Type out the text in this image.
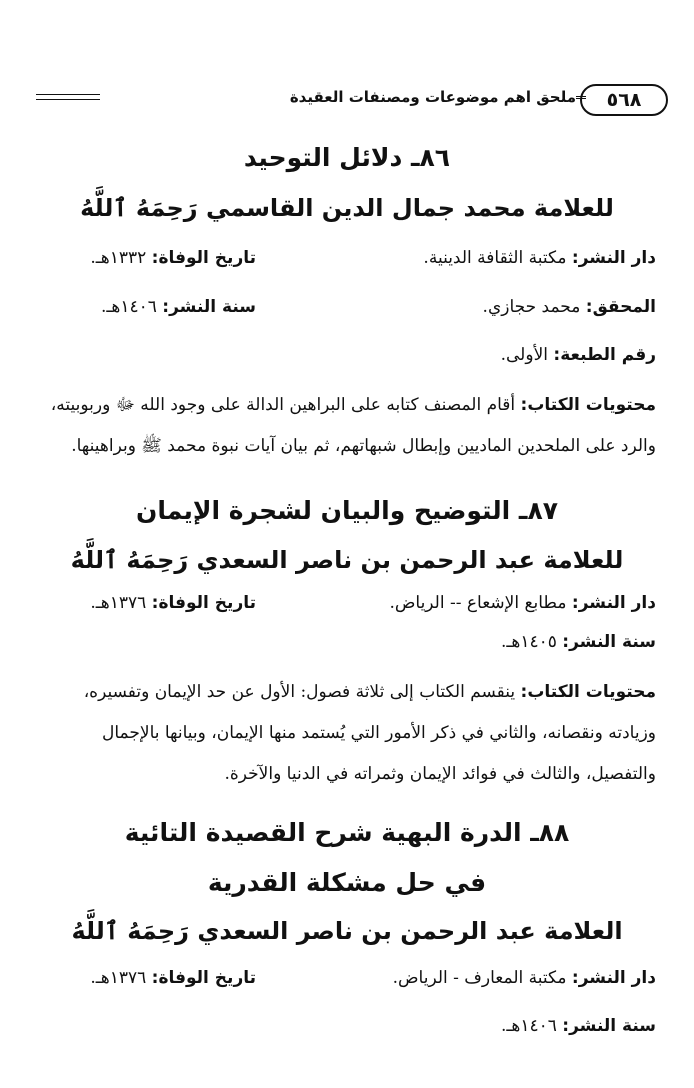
٥٦٨
ملحق اهم موضوعات ومصنفات العقيدة
٨٦ـ دلائل التوحيد
للعلامة محمد جمال الدين القاسمي رَحِمَهُ ٱللَّهُ
دار النشر: مكتبة الثقافة الدينية.
تاريخ الوفاة: ١٣٣٢هـ.
المحقق: محمد حجازي.
سنة النشر: ١٤٠٦هـ.
رقم الطبعة: الأولى.
محتويات الكتاب: أقام المصنف كتابه على البراهين الدالة على وجود الله ﷻ وربوبيته،
والرد على الملحدين الماديين وإبطال شبهاتهم، ثم بيان آيات نبوة محمد ﷺ وبراهينها.
٨٧ـ التوضيح والبيان لشجرة الإيمان
للعلامة عبد الرحمن بن ناصر السعدي رَحِمَهُ ٱللَّهُ
دار النشر: مطابع الإشعاع -- الرياض.
تاريخ الوفاة: ١٣٧٦هـ.
سنة النشر: ١٤٠٥هـ.
محتويات الكتاب: ينقسم الكتاب إلى ثلاثة فصول: الأول عن حد الإيمان وتفسيره،
وزيادته ونقصانه، والثاني في ذكر الأمور التي يُستمد منها الإيمان، وبيانها بالإجمال
والتفصيل، والثالث في فوائد الإيمان وثمراته في الدنيا والآخرة.
٨٨ـ الدرة البهية شرح القصيدة التائية
في حل مشكلة القدرية
العلامة عبد الرحمن بن ناصر السعدي رَحِمَهُ ٱللَّهُ
دار النشر: مكتبة المعارف - الرياض.
تاريخ الوفاة: ١٣٧٦هـ.
سنة النشر: ١٤٠٦هـ.
